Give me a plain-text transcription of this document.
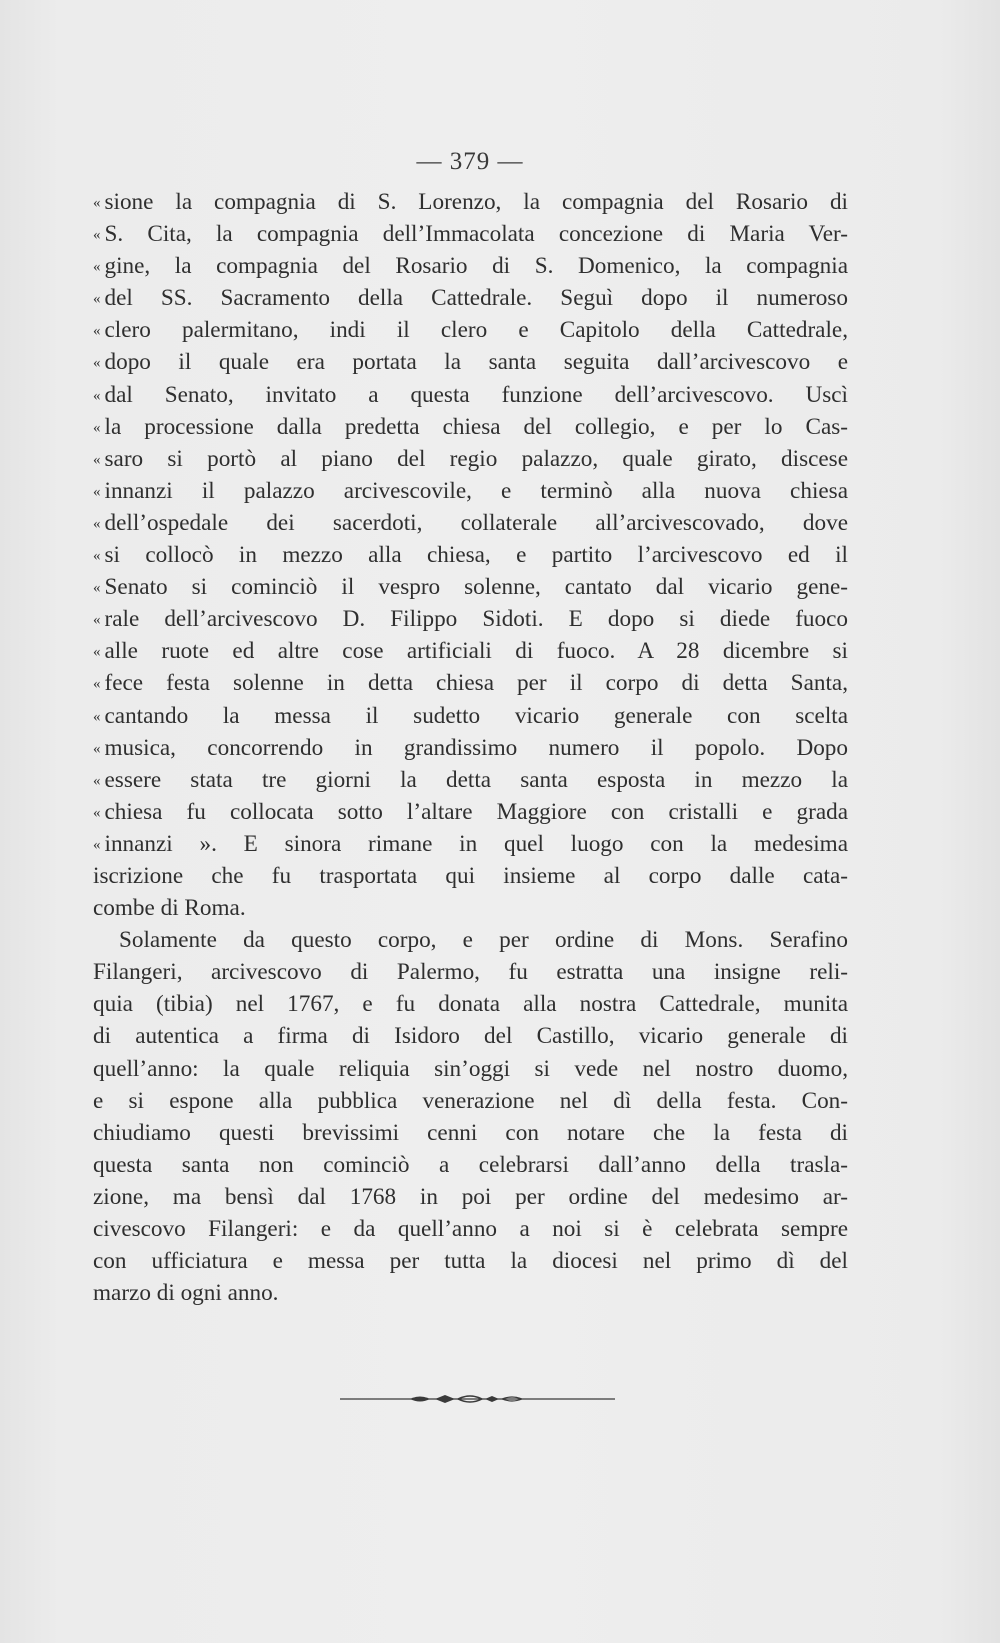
— 379 —
« sione la compagnia di S. Lorenzo, la compagnia del Rosario di
« S. Cita, la compagnia dell’Immacolata concezione di Maria Ver-
« gine, la compagnia del Rosario di S. Domenico, la compagnia
« del SS. Sacramento della Cattedrale. Seguì dopo il numeroso
« clero palermitano, indi il clero e Capitolo della Cattedrale,
« dopo il quale era portata la santa seguita dall’arcivescovo e
« dal Senato, invitato a questa funzione dell’arcivescovo. Uscì
« la processione dalla predetta chiesa del collegio, e per lo Cas-
« saro si portò al piano del regio palazzo, quale girato, discese
« innanzi il palazzo arcivescovile, e terminò alla nuova chiesa
« dell’ospedale dei sacerdoti, collaterale all’arcivescovado, dove
« si collocò in mezzo alla chiesa, e partito l’arcivescovo ed il
« Senato si cominciò il vespro solenne, cantato dal vicario gene-
« rale dell’arcivescovo D. Filippo Sidoti. E dopo si diede fuoco
« alle ruote ed altre cose artificiali di fuoco. A 28 dicembre si
« fece festa solenne in detta chiesa per il corpo di detta Santa,
« cantando la messa il sudetto vicario generale con scelta
« musica, concorrendo in grandissimo numero il popolo. Dopo
« essere stata tre giorni la detta santa esposta in mezzo la
« chiesa fu collocata sotto l’altare Maggiore con cristalli e grada
« innanzi ». E sinora rimane in quel luogo con la medesima
iscrizione che fu trasportata qui insieme al corpo dalle cata-
combe di Roma.
Solamente da questo corpo, e per ordine di Mons. Serafino
Filangeri, arcivescovo di Palermo, fu estratta una insigne reli-
quia (tibia) nel 1767, e fu donata alla nostra Cattedrale, munita
di autentica a firma di Isidoro del Castillo, vicario generale di
quell’anno: la quale reliquia sin’oggi si vede nel nostro duomo,
e si espone alla pubblica venerazione nel dì della festa. Con-
chiudiamo questi brevissimi cenni con notare che la festa di
questa santa non cominciò a celebrarsi dall’anno della trasla-
zione, ma bensì dal 1768 in poi per ordine del medesimo ar-
civescovo Filangeri: e da quell’anno a noi si è celebrata sempre
con ufficiatura e messa per tutta la diocesi nel primo dì del
marzo di ogni anno.
